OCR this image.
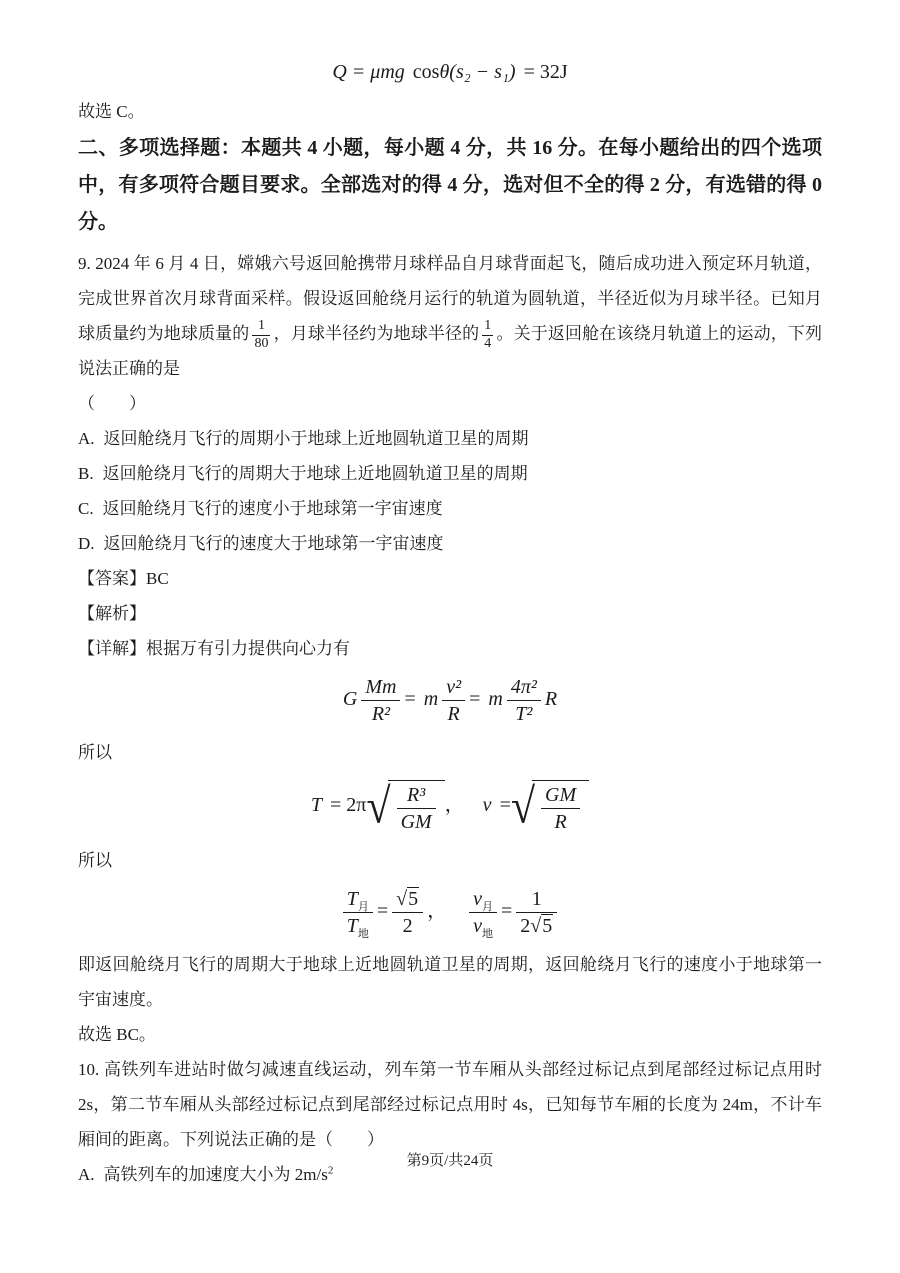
Q = μmg cosθ(s₂ − s₁) = 32J

故选 C。

二、多项选择题：本题共 4 小题，每小题 4 分，共 16 分。在每小题给出的四个选项中，有多项符合题目要求。全部选对的得 4 分，选对但不全的得 2 分，有选错的得 0 分。

9. 2024 年 6 月 4 日，嫦娥六号返回舱携带月球样品自月球背面起飞，随后成功进入预定环月轨道，完成世界首次月球背面采样。假设返回舱绕月运行的轨道为圆轨道，半径近似为月球半径。已知月球质量约为地球质量的 $\frac{1}{80}$ ，月球半径约为地球半径的 $\frac{1}{4}$ 。关于返回舱在该绕月轨道上的运动，下列说法正确的是

（　　）

A. 返回舱绕月飞行的周期小于地球上近地圆轨道卫星的周期

B. 返回舱绕月飞行的周期大于地球上近地圆轨道卫星的周期

C. 返回舱绕月飞行的速度小于地球第一宇宙速度

D. 返回舱绕月飞行的速度大于地球第一宇宙速度

【答案】BC

【解析】

【详解】根据万有引力提供向心力有

G $\frac{Mm}{\text{R²}} = m \frac{\text{v²}}{R} = m \frac{\text{4π²}}{\text{T²}}$ R

所以

T = 2π √ $\frac{\text{R³}}{GM}$ ， v = √ $\frac{GM}{R}$

所以

$\frac{T_月}{T_地} = \frac{√5}{2}$ ， $\frac{v_月}{v_地} = \frac{1}{2√5}$

即返回舱绕月飞行的周期大于地球上近地圆轨道卫星的周期，返回舱绕月飞行的速度小于地球第一宇宙速度。

故选 BC。

10. 高铁列车进站时做匀减速直线运动，列车第一节车厢从头部经过标记点到尾部经过标记点用时 2s，第二节车厢从头部经过标记点到尾部经过标记点用时 4s，已知每节车厢的长度为 24m，不计车厢间的距离。下列说法正确的是（　　）

A. 高铁列车的加速度大小为 $2m/s^2$

第9页/共24页
